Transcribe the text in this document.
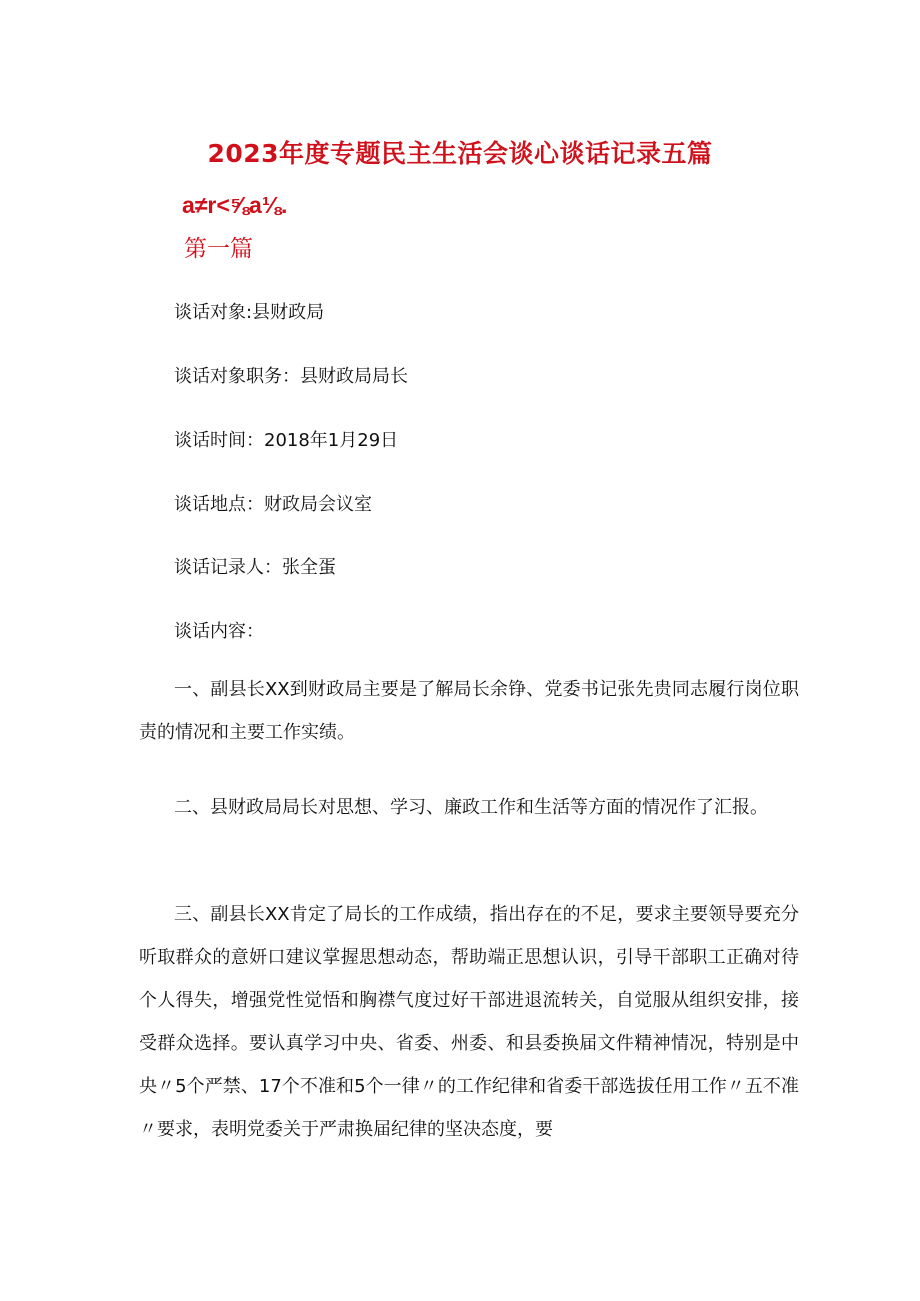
2023年度专题民主生活会谈心谈话记录五篇
a≠r<⅝a⅛.
第一篇
谈话对象:县财政局
谈话对象职务：县财政局局长
谈话时间：2018年1月29日
谈话地点：财政局会议室
谈话记录人：张全蛋
谈话内容：

一、副县长XX到财政局主要是了解局长余铮、党委书记张先贵同志履行岗位职责的情况和主要工作实绩。

二、县财政局局长对思想、学习、廉政工作和生活等方面的情况作了汇报。

三、副县长XX肯定了局长的工作成绩，指出存在的不足，要求主要领导要充分听取群众的意妍口建议掌握思想动态，帮助端正思想认识，引导干部职工正确对待个人得失，增强党性觉悟和胸襟气度过好干部进退流转关，自觉服从组织安排，接受群众选择。要认真学习中央、省委、州委、和县委换届文件精神情况，特别是中央〃5个严禁、17个不准和5个一律〃的工作纪律和省委干部选拔任用工作〃五不准〃要求，表明党委关于严肃换届纪律的坚决态度，要
